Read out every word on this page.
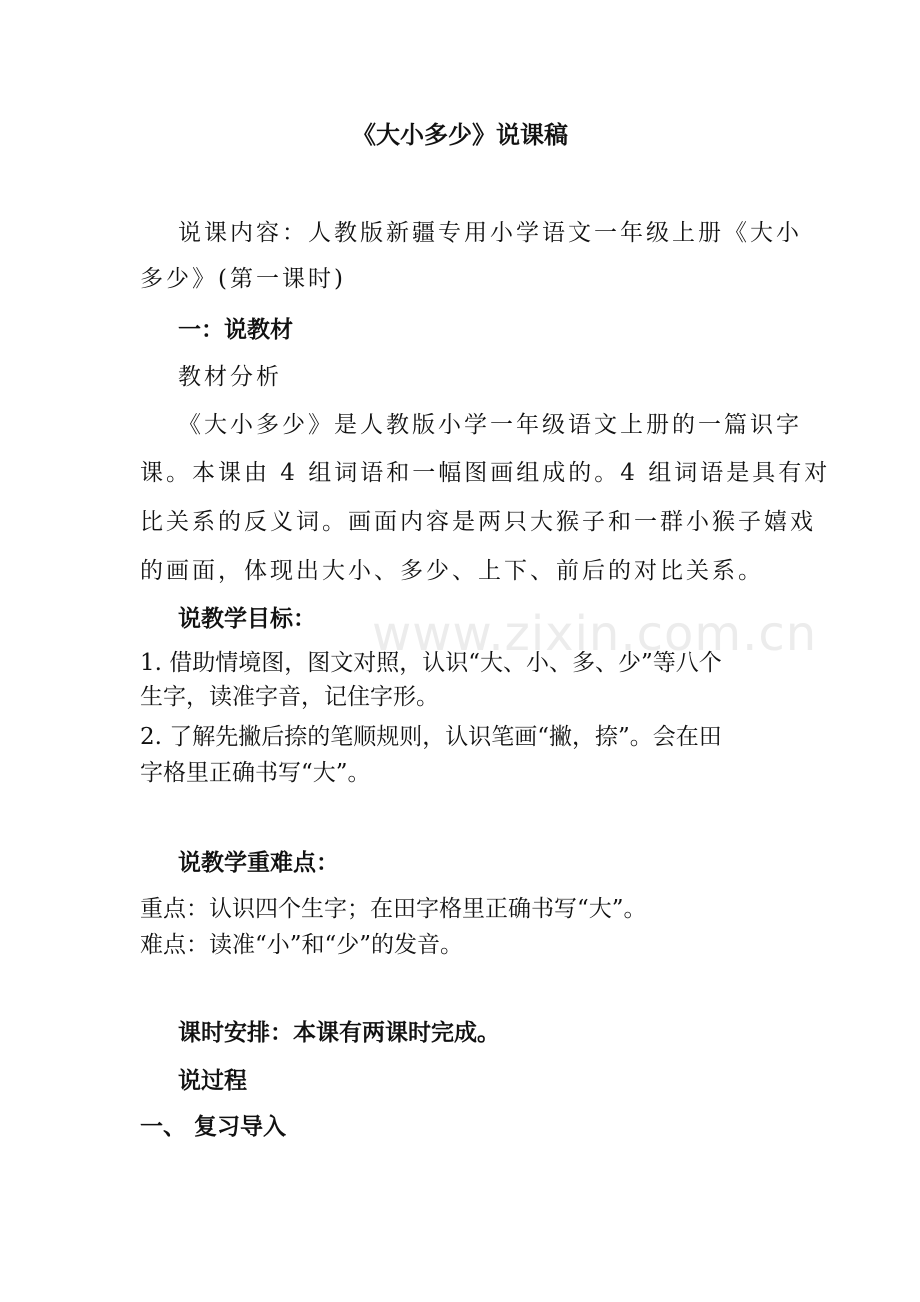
www.zixin.com.cn
《大小多少》说课稿
说课内容：人教版新疆专用小学语文一年级上册《大小
多少》(第一课时)
一：说教材
教材分析
《大小多少》是人教版小学一年级语文上册的一篇识字
课。本课由 4 组词语和一幅图画组成的。4 组词语是具有对
比关系的反义词。画面内容是两只大猴子和一群小猴子嬉戏
的画面，体现出大小、多少、上下、前后的对比关系。
说教学目标：
1. 借助情境图，图文对照，认识“大、小、多、少”等八个
生字，读准字音，记住字形。
2. 了解先撇后捺的笔顺规则，认识笔画“撇，捺”。会在田
字格里正确书写“大”。
说教学重难点：
重点：认识四个生字；在田字格里正确书写“大”。
难点：读准“小”和“少”的发音。
课时安排：本课有两课时完成。
说过程
一、 复习导入
